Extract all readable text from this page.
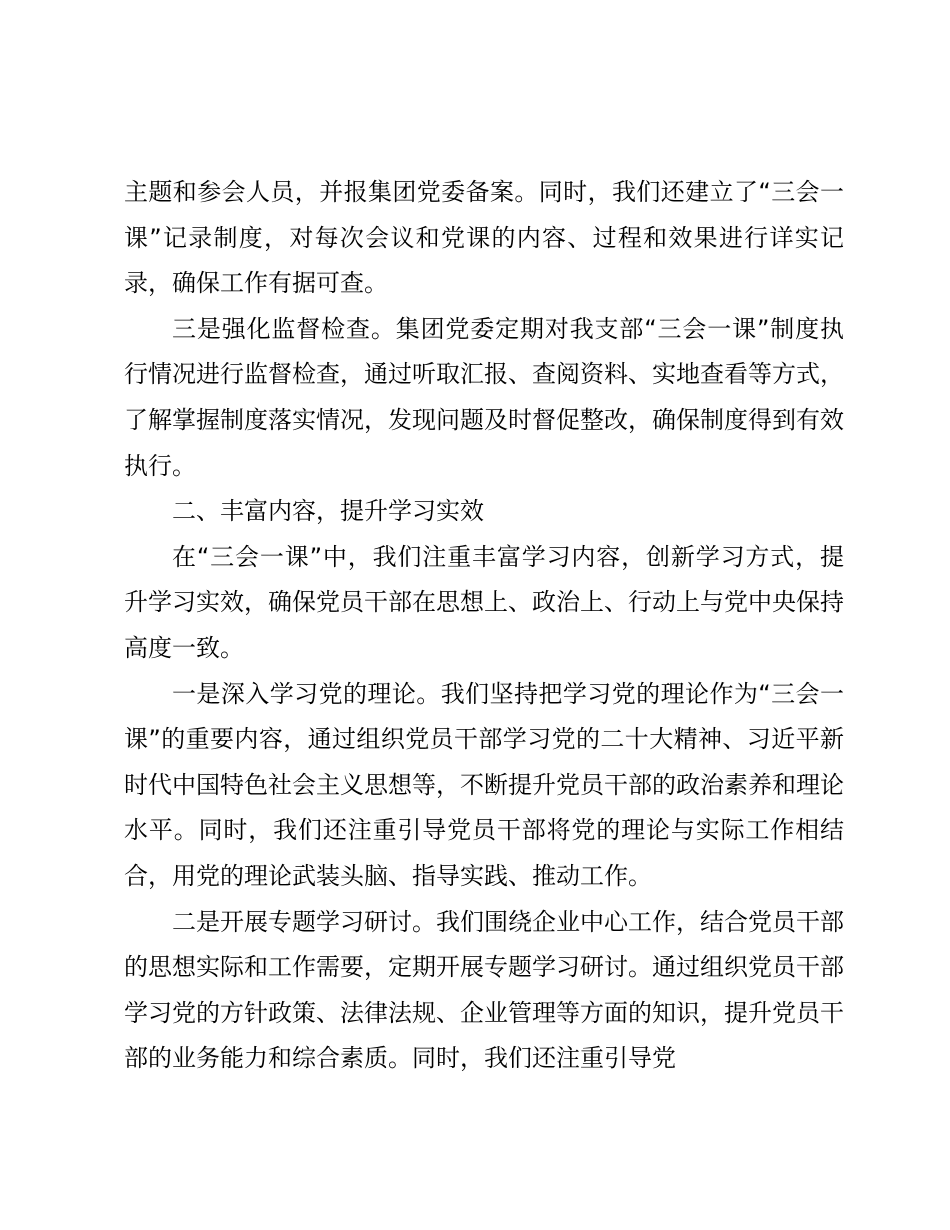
主题和参会人员，并报集团党委备案。同时，我们还建立了“三会一课”记录制度，对每次会议和党课的内容、过程和效果进行详实记录，确保工作有据可查。

三是强化监督检查。集团党委定期对我支部“三会一课”制度执行情况进行监督检查，通过听取汇报、查阅资料、实地查看等方式，了解掌握制度落实情况，发现问题及时督促整改，确保制度得到有效执行。

二、丰富内容，提升学习实效

在“三会一课”中，我们注重丰富学习内容，创新学习方式，提升学习实效，确保党员干部在思想上、政治上、行动上与党中央保持高度一致。

一是深入学习党的理论。我们坚持把学习党的理论作为“三会一课”的重要内容，通过组织党员干部学习党的二十大精神、习近平新时代中国特色社会主义思想等，不断提升党员干部的政治素养和理论水平。同时，我们还注重引导党员干部将党的理论与实际工作相结合，用党的理论武装头脑、指导实践、推动工作。

二是开展专题学习研讨。我们围绕企业中心工作，结合党员干部的思想实际和工作需要，定期开展专题学习研讨。通过组织党员干部学习党的方针政策、法律法规、企业管理等方面的知识，提升党员干部的业务能力和综合素质。同时，我们还注重引导党
